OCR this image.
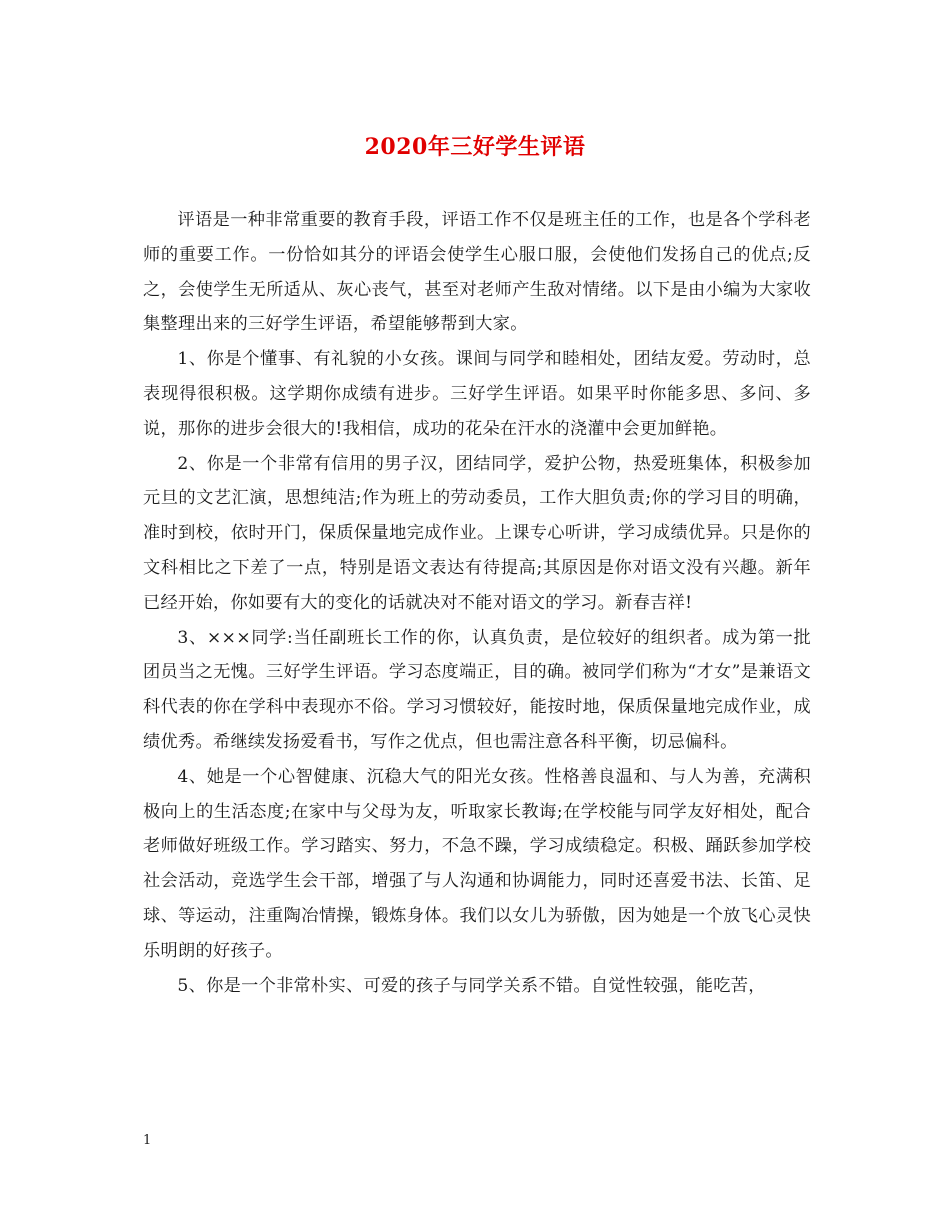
2020年三好学生评语

评语是一种非常重要的教育手段，评语工作不仅是班主任的工作，也是各个学科老师的重要工作。一份恰如其分的评语会使学生心服口服，会使他们发扬自己的优点;反之，会使学生无所适从、灰心丧气，甚至对老师产生敌对情绪。以下是由小编为大家收集整理出来的三好学生评语，希望能够帮到大家。

1、你是个懂事、有礼貌的小女孩。课间与同学和睦相处，团结友爱。劳动时，总表现得很积极。这学期你成绩有进步。三好学生评语。如果平时你能多思、多问、多说，那你的进步会很大的!我相信，成功的花朵在汗水的浇灌中会更加鲜艳。

2、你是一个非常有信用的男子汉，团结同学，爱护公物，热爱班集体，积极参加元旦的文艺汇演，思想纯洁;作为班上的劳动委员，工作大胆负责;你的学习目的明确，准时到校，依时开门，保质保量地完成作业。上课专心听讲，学习成绩优异。只是你的文科相比之下差了一点，特别是语文表达有待提高;其原因是你对语文没有兴趣。新年已经开始，你如要有大的变化的话就决对不能对语文的学习。新春吉祥!

3、×××同学:当任副班长工作的你，认真负责，是位较好的组织者。成为第一批团员当之无愧。三好学生评语。学习态度端正，目的确。被同学们称为“才女”是兼语文科代表的你在学科中表现亦不俗。学习习惯较好，能按时地，保质保量地完成作业，成绩优秀。希继续发扬爱看书，写作之优点，但也需注意各科平衡，切忌偏科。

4、她是一个心智健康、沉稳大气的阳光女孩。性格善良温和、与人为善，充满积极向上的生活态度;在家中与父母为友，听取家长教诲;在学校能与同学友好相处，配合老师做好班级工作。学习踏实、努力，不急不躁，学习成绩稳定。积极、踊跃参加学校社会活动，竞选学生会干部，增强了与人沟通和协调能力，同时还喜爱书法、长笛、足球、等运动，注重陶冶情操，锻炼身体。我们以女儿为骄傲，因为她是一个放飞心灵快乐明朗的好孩子。

5、你是一个非常朴实、可爱的孩子与同学关系不错。自觉性较强，能吃苦，

1
